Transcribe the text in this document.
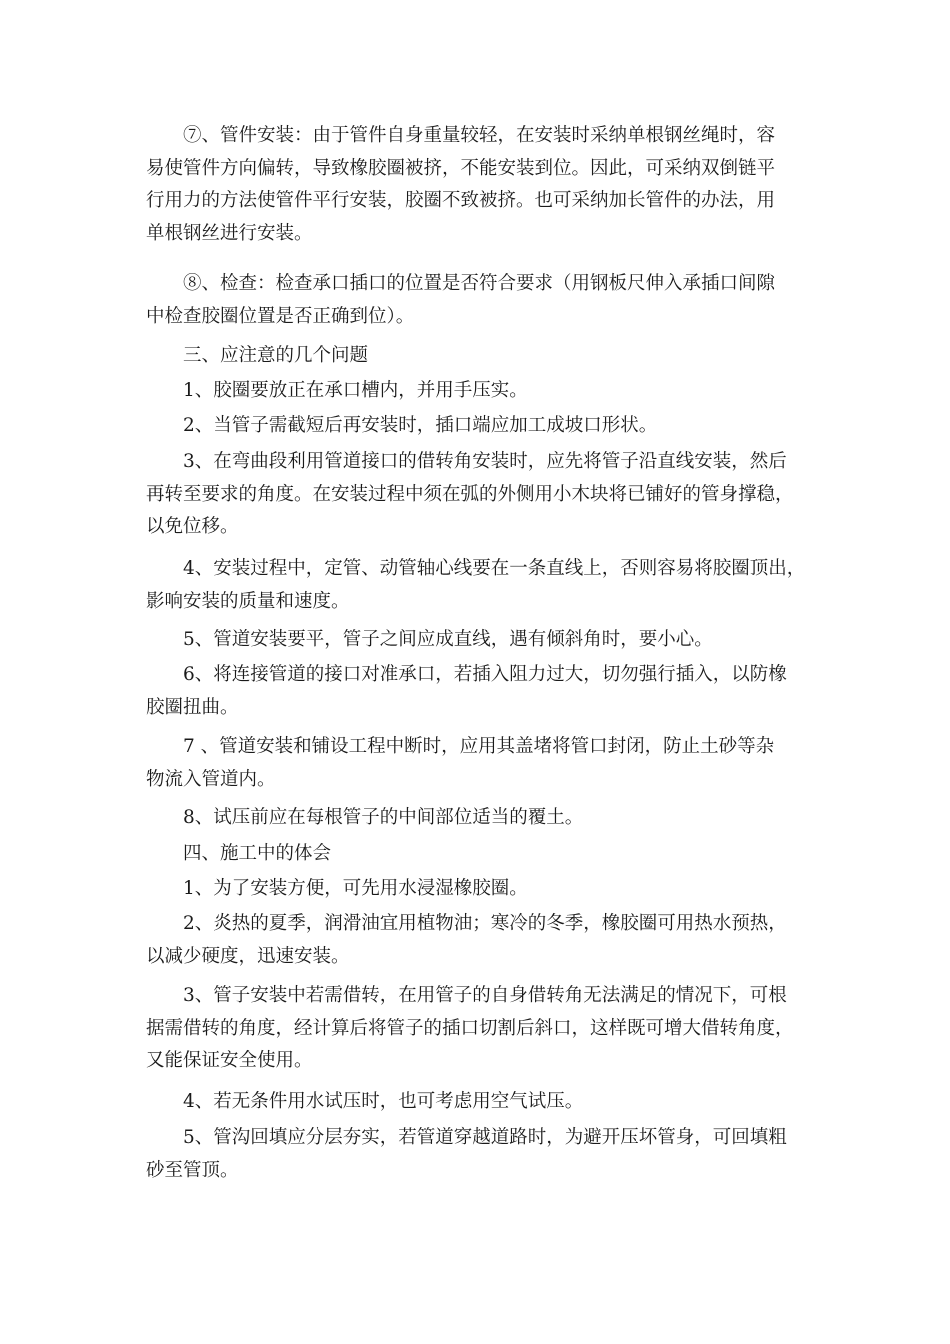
⑦、管件安装：由于管件自身重量较轻，在安装时采纳单根钢丝绳时，容
易使管件方向偏转，导致橡胶圈被挤，不能安装到位。因此，可采纳双倒链平
行用力的方法使管件平行安装，胶圈不致被挤。也可采纳加长管件的办法，用
单根钢丝进行安装。
⑧、检查：检查承口插口的位置是否符合要求（用钢板尺伸入承插口间隙
中检查胶圈位置是否正确到位）。
三、应注意的几个问题
1、胶圈要放正在承口槽内，并用手压实。
2、当管子需截短后再安装时，插口端应加工成坡口形状。
3、在弯曲段利用管道接口的借转角安装时，应先将管子沿直线安装，然后
再转至要求的角度。在安装过程中须在弧的外侧用小木块将已铺好的管身撑稳，
以免位移。
4、安装过程中，定管、动管轴心线要在一条直线上，否则容易将胶圈顶出，
影响安装的质量和速度。
5、管道安装要平，管子之间应成直线，遇有倾斜角时，要小心。
6、将连接管道的接口对准承口，若插入阻力过大，切勿强行插入，以防橡
胶圈扭曲。
7 、管道安装和铺设工程中断时，应用其盖堵将管口封闭，防止土砂等杂
物流入管道内。
8、试压前应在每根管子的中间部位适当的覆土。
四、施工中的体会
1、为了安装方便，可先用水浸湿橡胶圈。
2、炎热的夏季，润滑油宜用植物油；寒冷的冬季，橡胶圈可用热水预热，
以减少硬度，迅速安装。
3、管子安装中若需借转，在用管子的自身借转角无法满足的情况下，可根
据需借转的角度，经计算后将管子的插口切割后斜口，这样既可增大借转角度，
又能保证安全使用。
4、若无条件用水试压时，也可考虑用空气试压。
5、管沟回填应分层夯实，若管道穿越道路时，为避开压坏管身，可回填粗
砂至管顶。
